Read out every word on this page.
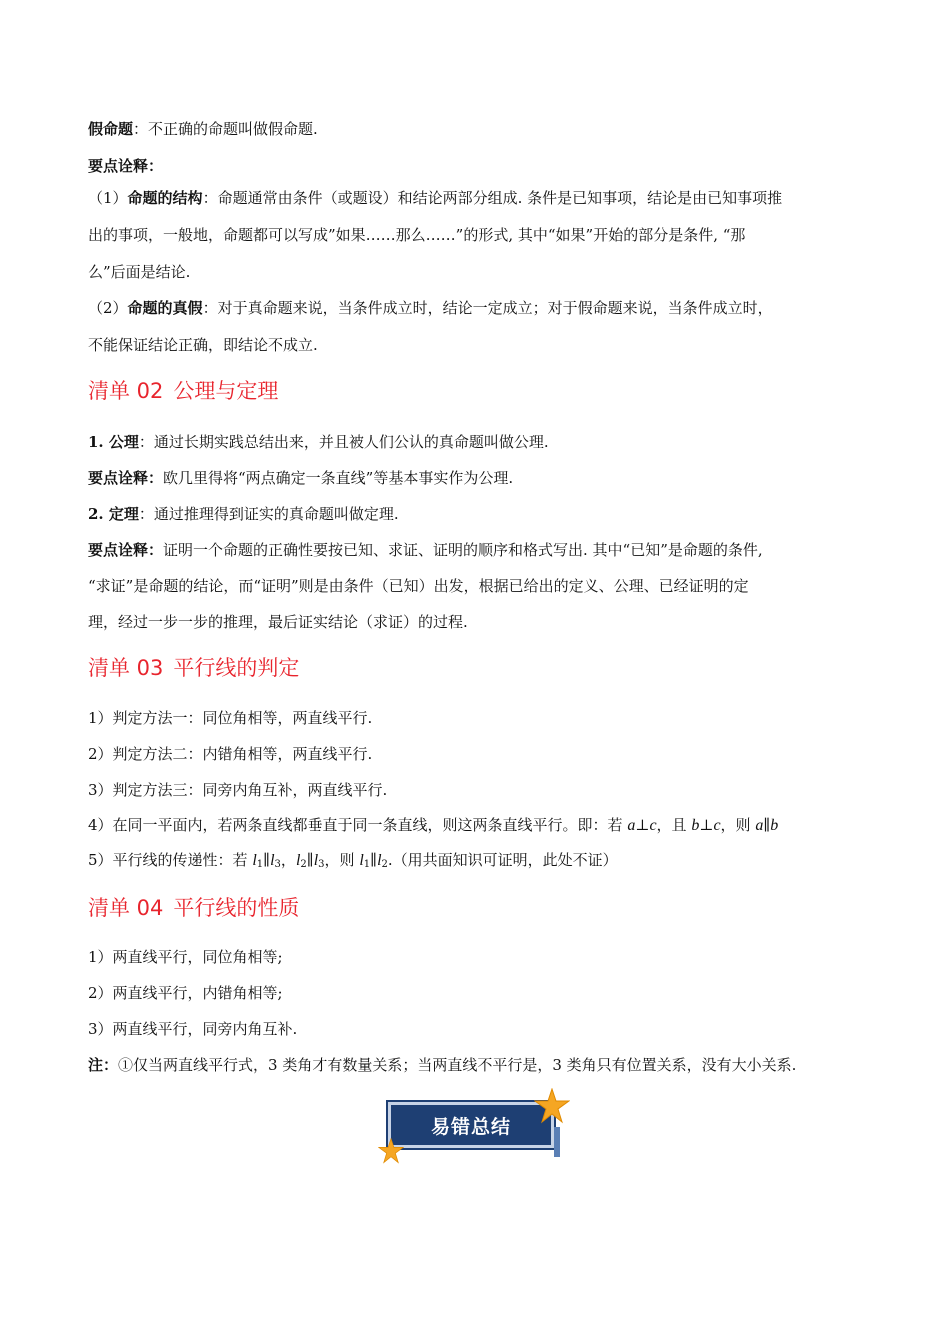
假命题：不正确的命题叫做假命题.
要点诠释：
（1）命题的结构：命题通常由条件（或题设）和结论两部分组成. 条件是已知事项，结论是由已知事项推
出的事项，一般地，命题都可以写成”如果……那么……”的形式, 其中“如果”开始的部分是条件, “那
么”后面是结论.
（2）命题的真假：对于真命题来说，当条件成立时，结论一定成立；对于假命题来说，当条件成立时，
不能保证结论正确，即结论不成立.
清单 02 公理与定理
1. 公理：通过长期实践总结出来，并且被人们公认的真命题叫做公理.
要点诠释：欧几里得将“两点确定一条直线”等基本事实作为公理.
2. 定理：通过推理得到证实的真命题叫做定理.
要点诠释：证明一个命题的正确性要按已知、求证、证明的顺序和格式写出. 其中“已知”是命题的条件,
“求证”是命题的结论，而“证明”则是由条件（已知）出发，根据已给出的定义、公理、已经证明的定
理，经过一步一步的推理，最后证实结论（求证）的过程.
清单 03 平行线的判定
1）判定方法一：同位角相等，两直线平行.
2）判定方法二：内错角相等，两直线平行.
3）判定方法三：同旁内角互补，两直线平行.
4）在同一平面内，若两条直线都垂直于同一条直线，则这两条直线平行。即：若 a⊥c，且 b⊥c，则 a∥b
5）平行线的传递性：若 $l_1\parallel l_3$，$l_2\parallel l_3$，则 $l_1\parallel l_2$.（用共面知识可证明，此处不证）
清单 04 平行线的性质
1）两直线平行，同位角相等;
2）两直线平行，内错角相等;
3）两直线平行，同旁内角互补.
注：①仅当两直线平行式，3 类角才有数量关系；当两直线不平行是，3 类角只有位置关系，没有大小关系.
易错总结
